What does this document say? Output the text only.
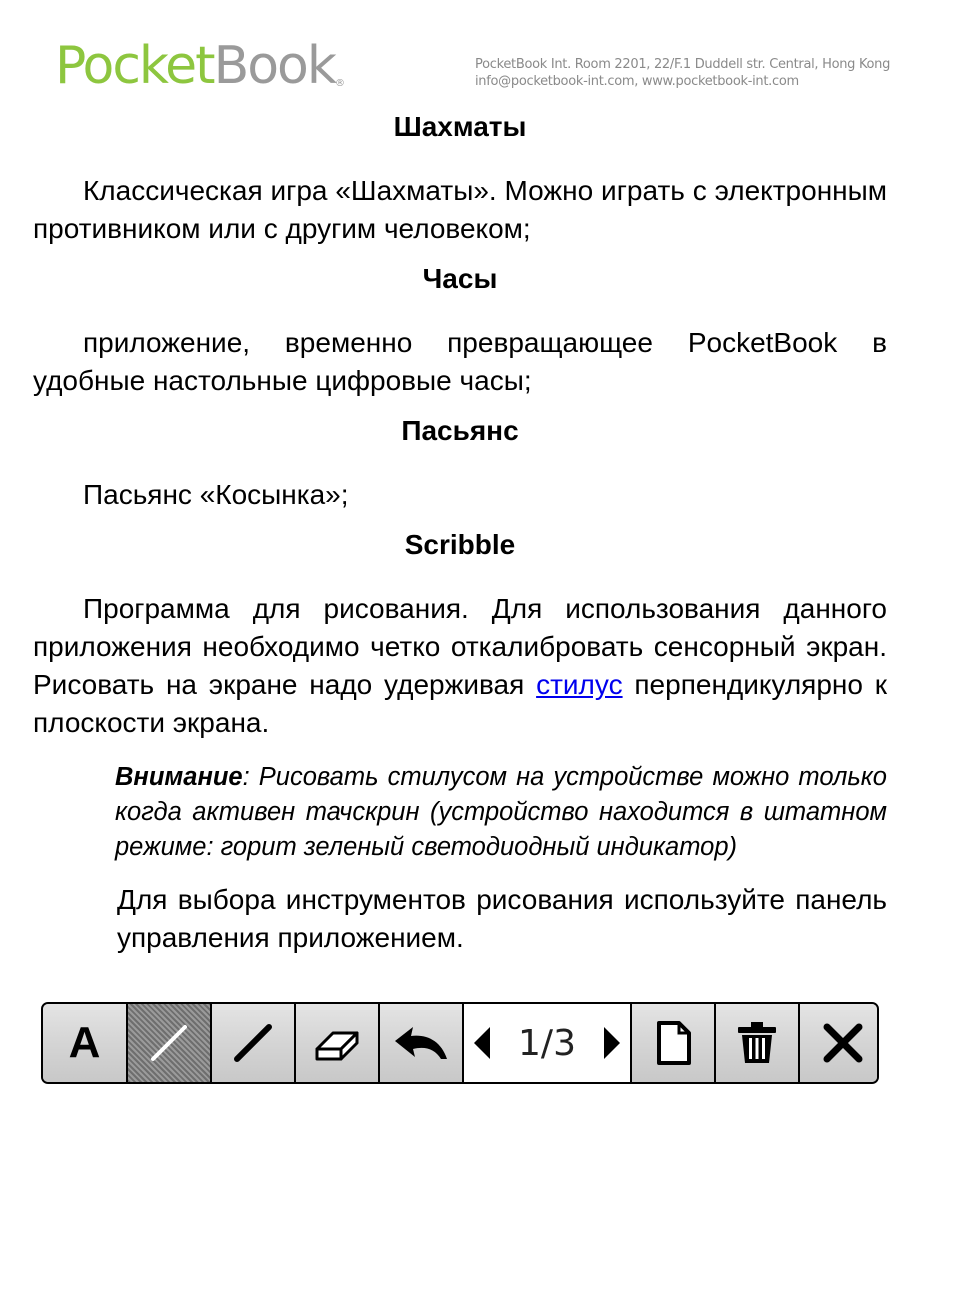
PocketBook®
PocketBook Int. Room 2201, 22/F.1 Duddell str. Central, Hong Kong
info@pocketbook-int.com, www.pocketbook-int.com
Шахматы

Классическая игра «Шахматы». Можно играть с электронным противником или с другим человеком;

Часы

приложение, временно превращающее PocketBook в удобные настольные цифровые часы;

Пасьянс

Пасьянс «Косынка»;

Scribble

Программа для рисования. Для использования данного приложения необходимо четко откалибровать сенсорный экран. Рисовать на экране надо удерживая стилус перпендикулярно к плоскости экрана.

Внимание: Рисовать стилусом на устройстве можно только когда активен тачскрин (устройство находится в штатном режиме: горит зеленый светодиодный индикатор)
Для выбора инструментов рисования используйте панель управления приложением.
A	1/3
